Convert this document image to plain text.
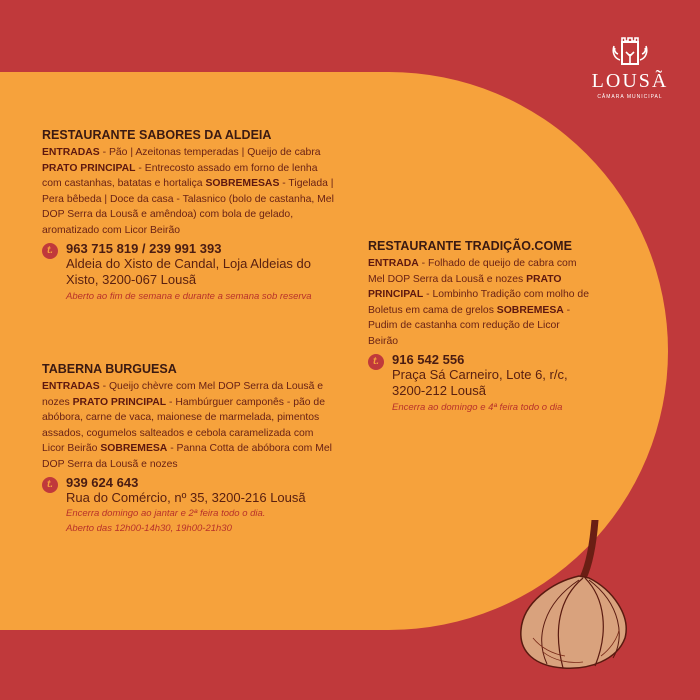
LOUSÃ
CÂMARA MUNICIPAL
RESTAURANTE SABORES DA ALDEIA

ENTRADAS - Pão | Azeitonas temperadas | Queijo de cabra PRATO PRINCIPAL - Entrecosto assado em forno de lenha com castanhas, batatas e hortaliça SOBREMESAS - Tigelada | Pera bêbeda | Doce da casa - Talasnico (bolo de castanha, Mel DOP Serra da Lousã e amêndoa) com bola de gelado, aromatizado com Licor Beirão

t. 963 715 819 / 239 991 393
Aldeia do Xisto de Candal, Loja Aldeias do
Xisto, 3200-067 Lousã
Aberto ao fim de semana e durante a semana sob reserva
TABERNA BURGUESA

ENTRADAS - Queijo chèvre com Mel DOP Serra da Lousã e nozes PRATO PRINCIPAL - Hambúrguer camponês - pão de abóbora, carne de vaca, maionese de marmelada, pimentos assados, cogumelos salteados e cebola caramelizada com Licor Beirão SOBREMESA - Panna Cotta de abóbora com Mel DOP Serra da Lousã e nozes

t. 939 624 643
Rua do Comércio, nº 35, 3200-216 Lousã
Encerra domingo ao jantar e 2ª feira todo o dia.
Aberto das 12h00-14h30, 19h00-21h30
RESTAURANTE TRADIÇÃO.COME

ENTRADA - Folhado de queijo de cabra com Mel DOP Serra da Lousã e nozes PRATO PRINCIPAL - Lombinho Tradição com molho de Boletus em cama de grelos SOBREMESA - Pudim de castanha com redução de Licor Beirão

t. 916 542 556
Praça Sá Carneiro, Lote 6, r/c,
3200-212 Lousã
Encerra ao domingo e 4ª feira todo o dia
